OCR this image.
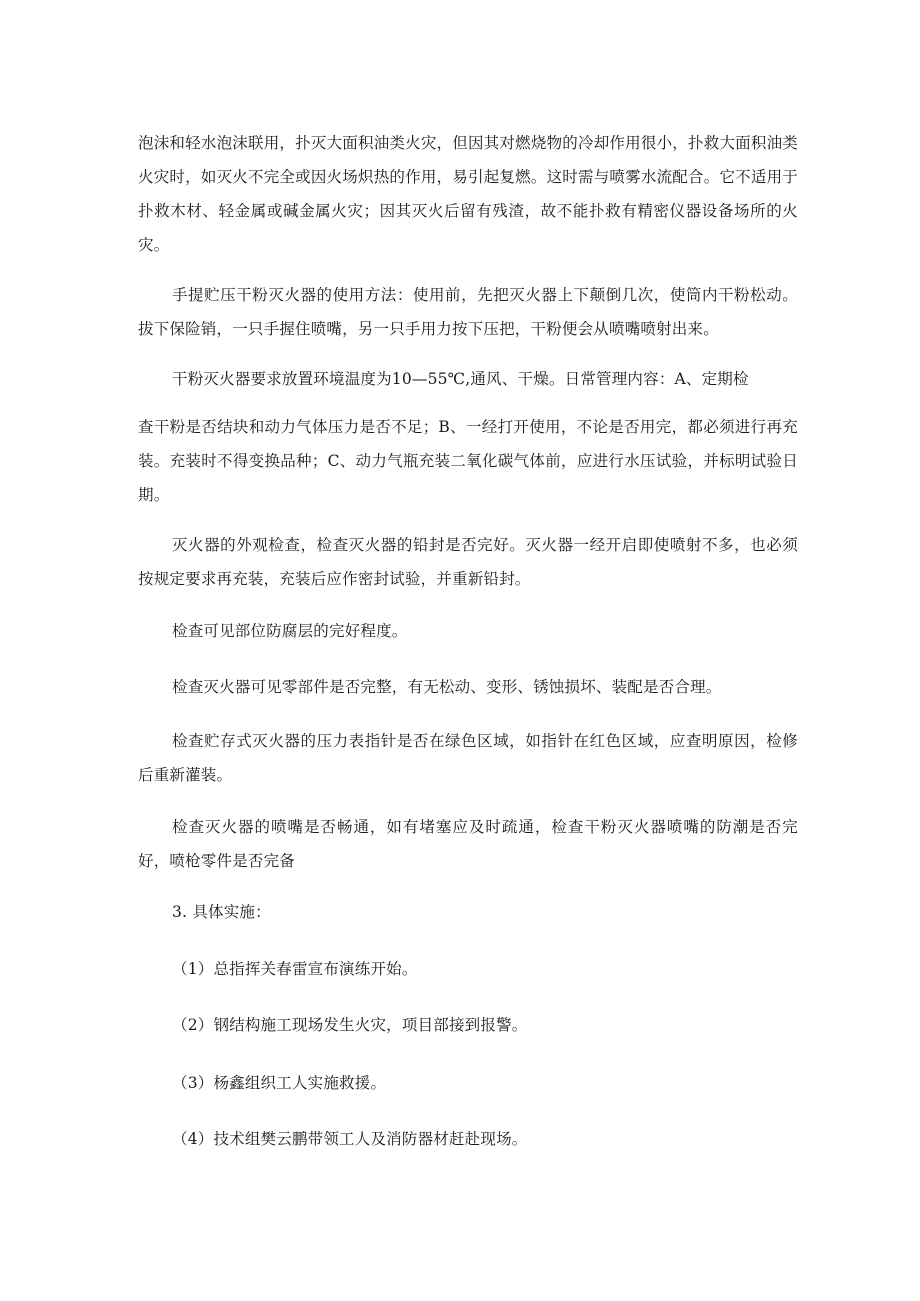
泡沫和轻水泡沫联用，扑灭大面积油类火灾，但因其对燃烧物的冷却作用很小，扑救大面积油类火灾时，如灭火不完全或因火场炽热的作用，易引起复燃。这时需与喷雾水流配合。它不适用于扑救木材、轻金属或碱金属火灾；因其灭火后留有残渣，故不能扑救有精密仪器设备场所的火灾。

手提贮压干粉灭火器的使用方法：使用前，先把灭火器上下颠倒几次，使筒内干粉松动。拔下保险销，一只手握住喷嘴，另一只手用力按下压把，干粉便会从喷嘴喷射出来。

干粉灭火器要求放置环境温度为10—55℃,通风、干燥。日常管理内容：A、定期检

查干粉是否结块和动力气体压力是否不足；B、一经打开使用，不论是否用完，都必须进行再充装。充装时不得变换品种；C、动力气瓶充装二氧化碳气体前，应进行水压试验，并标明试验日期。

灭火器的外观检查，检查灭火器的铅封是否完好。灭火器一经开启即使喷射不多，也必须按规定要求再充装，充装后应作密封试验，并重新铅封。

检查可见部位防腐层的完好程度。

检查灭火器可见零部件是否完整，有无松动、变形、锈蚀损坏、装配是否合理。

检查贮存式灭火器的压力表指针是否在绿色区域，如指针在红色区域，应查明原因，检修后重新灌装。

检查灭火器的喷嘴是否畅通，如有堵塞应及时疏通，检查干粉灭火器喷嘴的防潮是否完好，喷枪零件是否完备

3. 具体实施：

（1）总指挥关春雷宣布演练开始。

（2）钢结构施工现场发生火灾，项目部接到报警。

（3）杨鑫组织工人实施救援。

（4）技术组樊云鹏带领工人及消防器材赶赴现场。
